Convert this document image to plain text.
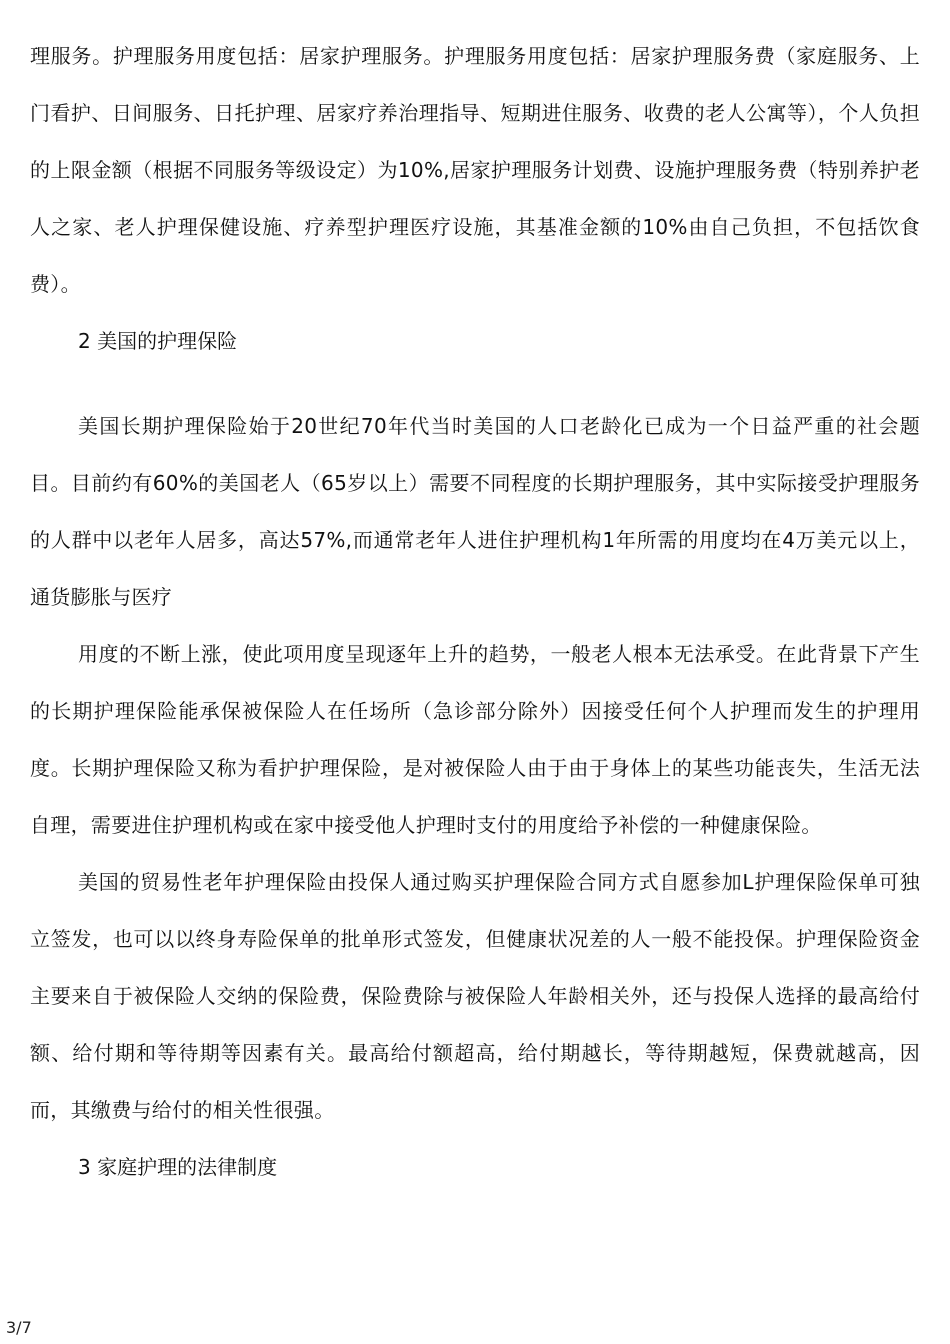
理服务。护理服务用度包括：居家护理服务。护理服务用度包括：居家护理服务费（家庭服务、上门看护、日间服务、日托护理、居家疗养治理指导、短期进住服务、收费的老人公寓等），个人负担的上限金额（根据不同服务等级设定）为10%,居家护理服务计划费、设施护理服务费（特别养护老人之家、老人护理保健设施、疗养型护理医疗设施，其基准金额的10%由自己负担，不包括饮食费）。

2 美国的护理保险

美国长期护理保险始于20世纪70年代当时美国的人口老龄化已成为一个日益严重的社会题目。目前约有60%的美国老人（65岁以上）需要不同程度的长期护理服务，其中实际接受护理服务的人群中以老年人居多，高达57%,而通常老年人进住护理机构1年所需的用度均在4万美元以上，通货膨胀与医疗

用度的不断上涨，使此项用度呈现逐年上升的趋势，一般老人根本无法承受。在此背景下产生的长期护理保险能承保被保险人在任场所（急诊部分除外）因接受任何个人护理而发生的护理用度。长期护理保险又称为看护护理保险，是对被保险人由于由于身体上的某些功能丧失，生活无法自理，需要进住护理机构或在家中接受他人护理时支付的用度给予补偿的一种健康保险。

美国的贸易性老年护理保险由投保人通过购买护理保险合同方式自愿参加L护理保险保单可独立签发，也可以以终身寿险保单的批单形式签发，但健康状况差的人一般不能投保。护理保险资金主要来自于被保险人交纳的保险费，保险费除与被保险人年龄相关外，还与投保人选择的最高给付额、给付期和等待期等因素有关。最高给付额超高，给付期越长，等待期越短，保费就越高，因而，其缴费与给付的相关性很强。

3 家庭护理的法律制度

3/7
